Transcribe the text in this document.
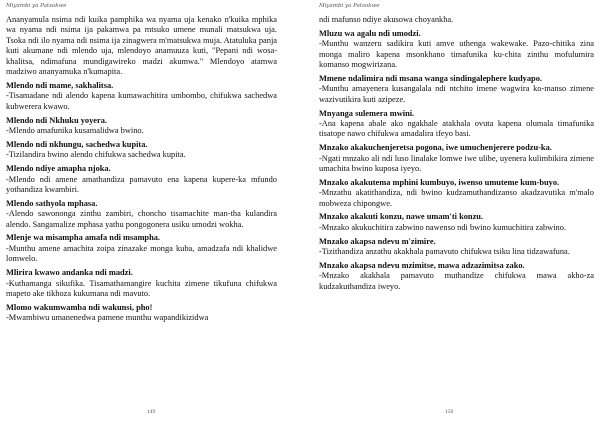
Miyambi ya Patsokwe
Ananyamula nsima ndi kuika pamphika wa nyama uja kenako n'kuika mphika wa nyama ndi nsima ija pakamwa pa mtsuko umene munali matsukwa uja. Tsoka ndi ilo nyama ndi nsima ija zinagwera m'matsukwa muja. Atatuluka panja kuti akumane ndi mlendo uja, mlendoyo anamuuza kuti, "Pepani ndi wosa-khalitsa, ndimafuna mundigawireko madzi akumwa." Mlendoyo atamwa madziwo ananyamuka n'kumapita.
Mlendo ndi mame, sakhalitsa.
-Tisamadane ndi alendo kapena kumawachitira umbombo, chifukwa sachedwa kubwerera kwawo.
Mlendo ndi Nkhuku yoyera.
-Mlendo amafunika kusamalidwa bwino.
Mlendo ndi nkhungu, sachedwa kupita.
-Tizilandira bwino alendo chifukwa sachedwa kupita.
Mlendo ndiye amapha njoka.
-Mlendo ndi amene amathandiza pamavuto ena kapena kupere-ka mfundo yothandiza kwambiri.
Mlendo sathyola mphasa.
-Alendo sawononga zinthu zambiri, choncho tisamachite man-tha kulandira alendo. Sangamalize mphasa yathu pongogonera usiku umodzi wokha.
Mlenje wa misampha amafa ndi msampha.
-Munthu amene amachita zoipa zinazake monga kuba, amadzafa ndi khalidwe lomwelo.
Mlirira kwawo andanka ndi madzi.
-Kuthamanga sikufika. Tisamathamangire kuchita zimene tikufuna chifukwa mapeto ake tikhoza kukumana ndi mavuto.
Mlomo wakumwamba ndi wakunsi, pho!
-Mwambiwu umanenedwa pamene munthu wapandikizidwa
149
Miyambi ya Patsokwe
ndi mafunso ndiye akusowa choyankha.
Mluzu wa agalu ndi umodzi.
-Munthu wanzeru sadikira kuti amve uthenga wakewake. Pazo-chitika zina monga maliro kapena msonkhano timafunika ku-chita zinthu mofulumira komanso mogwirizana.
Mmene ndalimira ndi msana wanga sindingalephere kudyapo.
-Munthu amayenera kusangalala ndi ntchito imene wagwira ko-manso zimene wazivutikira kuti azipeze.
Mnyanga sulemera mwini.
-Ana kapena abale ako ngakhale atakhala ovuta kapena olumala timafunika tisatope nawo chifukwa amadalira ifeyo basi.
Mnzako akakuchenjeretsa pogona, iwe umuchenjerere podzu-ka.
-Ngati mnzako ali ndi luso linalake lomwe iwe ulibe, uyenera kulimbikira zimene umachita bwino kuposa iyeyo.
Mnzako akakutema mphini kumbuyo, iwenso umuteme kum-buyo.
-Mnzathu akatithandiza, ndi bwino kudzamuthandizanso akadzavutika m'malo mobweza chipongwe.
Mnzako akakuti konzu, nawe umam'ti konzu.
-Mnzako akukuchitira zabwino nawenso ndi bwino kumuchitira zabwino.
Mnzako akapsa ndevu m'zimire.
-Tizithandiza anzathu akakhala pamavuto chifukwa tsiku lina tidzawafuna.
Mnzako akapsa ndevu mzimitse, mawa adzazimitsa zako.
-Mnzako akakhala pamavuto muthandize chifukwa mawa akho-za kudzakuthandiza iweyo.
150
